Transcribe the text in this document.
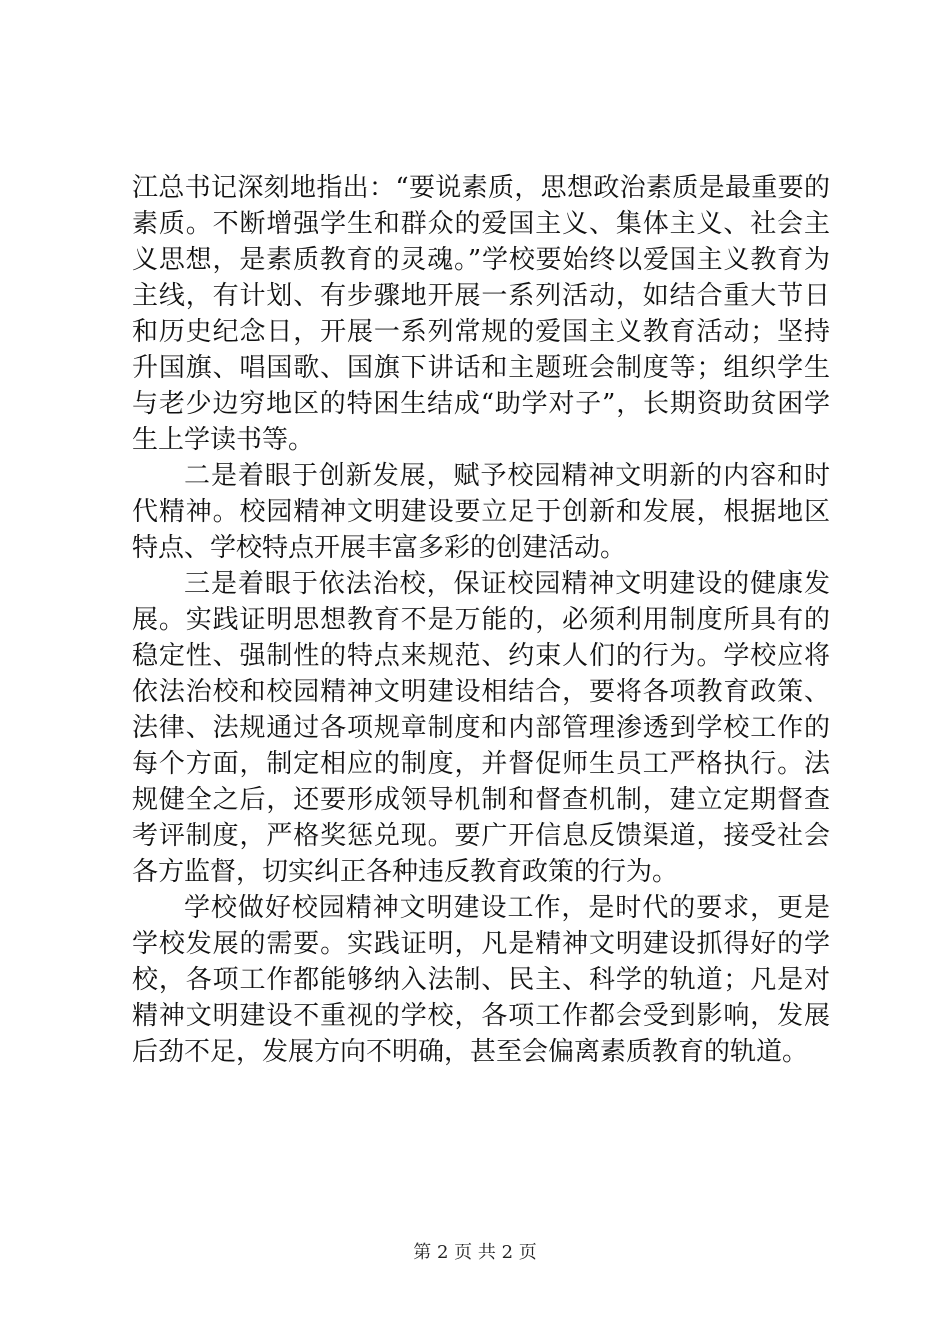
江总书记深刻地指出：“要说素质，思想政治素质是最重要的素质。不断增强学生和群众的爱国主义、集体主义、社会主义思想，是素质教育的灵魂。”学校要始终以爱国主义教育为主线，有计划、有步骤地开展一系列活动，如结合重大节日和历史纪念日，开展一系列常规的爱国主义教育活动；坚持升国旗、唱国歌、国旗下讲话和主题班会制度等；组织学生与老少边穷地区的特困生结成“助学对子”，长期资助贫困学生上学读书等。

二是着眼于创新发展，赋予校园精神文明新的内容和时代精神。校园精神文明建设要立足于创新和发展，根据地区特点、学校特点开展丰富多彩的创建活动。

三是着眼于依法治校，保证校园精神文明建设的健康发展。实践证明思想教育不是万能的，必须利用制度所具有的稳定性、强制性的特点来规范、约束人们的行为。学校应将依法治校和校园精神文明建设相结合，要将各项教育政策、法律、法规通过各项规章制度和内部管理渗透到学校工作的每个方面，制定相应的制度，并督促师生员工严格执行。法规健全之后，还要形成领导机制和督查机制，建立定期督查考评制度，严格奖惩兑现。要广开信息反馈渠道，接受社会各方监督，切实纠正各种违反教育政策的行为。

学校做好校园精神文明建设工作，是时代的要求，更是学校发展的需要。实践证明，凡是精神文明建设抓得好的学校，各项工作都能够纳入法制、民主、科学的轨道；凡是对精神文明建设不重视的学校，各项工作都会受到影响，发展后劲不足，发展方向不明确，甚至会偏离素质教育的轨道。

第 2 页 共 2 页
